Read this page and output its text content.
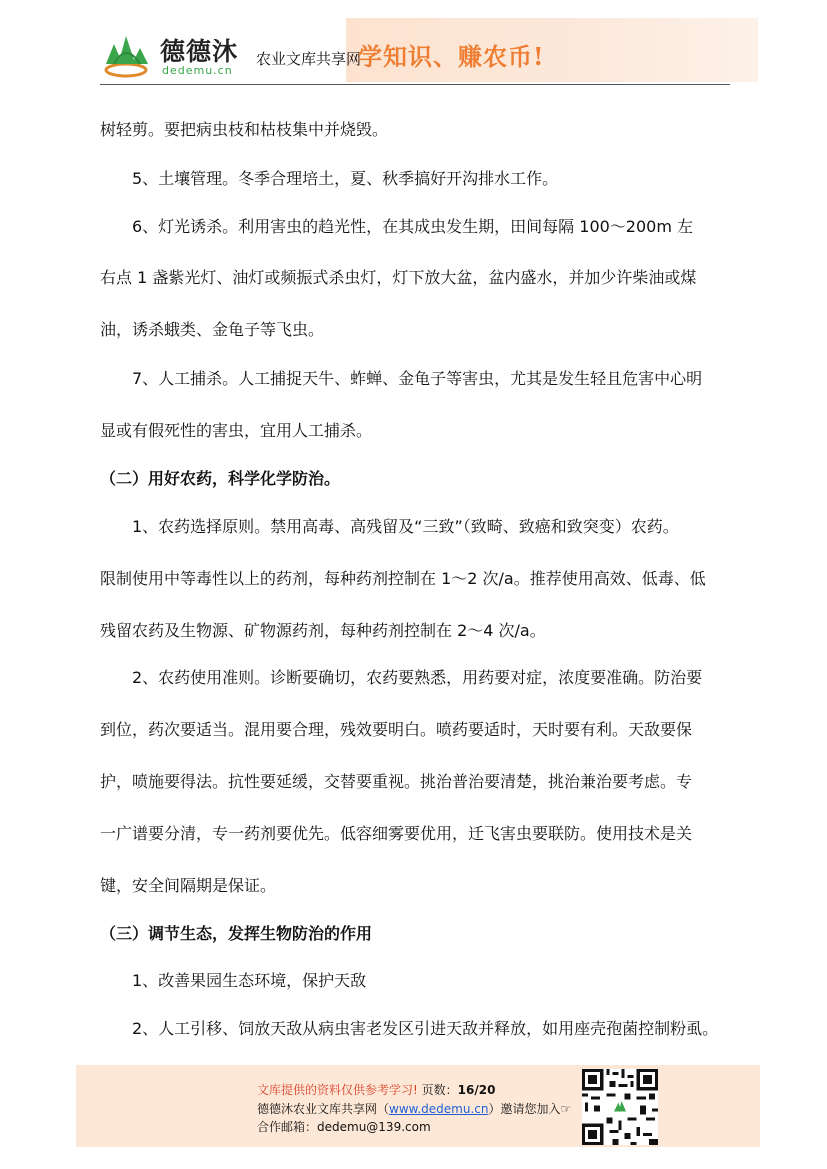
德德沐
dedemu.cn
农业文库共享网
学知识、赚农币!
树轻剪。要把病虫枝和枯枝集中并烧毁。
5、土壤管理。冬季合理培土，夏、秋季搞好开沟排水工作。
6、灯光诱杀。利用害虫的趋光性，在其成虫发生期，田间每隔 100～200m 左
右点 1 盏紫光灯、油灯或频振式杀虫灯，灯下放大盆，盆内盛水，并加少许柴油或煤
油，诱杀蛾类、金龟子等飞虫。
7、人工捕杀。人工捕捉天牛、蚱蝉、金龟子等害虫，尤其是发生轻且危害中心明
显或有假死性的害虫，宜用人工捕杀。
（二）用好农药，科学化学防治。
1、农药选择原则。禁用高毒、高残留及“三致”（致畸、致癌和致突变）农药。
限制使用中等毒性以上的药剂，每种药剂控制在 1～2 次/a。推荐使用高效、低毒、低
残留农药及生物源、矿物源药剂，每种药剂控制在 2～4 次/a。
2、农药使用准则。诊断要确切，农药要熟悉，用药要对症，浓度要准确。防治要
到位，药次要适当。混用要合理，残效要明白。喷药要适时，天时要有利。天敌要保
护，喷施要得法。抗性要延缓，交替要重视。挑治普治要清楚，挑治兼治要考虑。专
一广谱要分清，专一药剂要优先。低容细雾要优用，迁飞害虫要联防。使用技术是关
键，安全间隔期是保证。
（三）调节生态，发挥生物防治的作用
1、改善果园生态环境，保护天敌
2、人工引移、饲放天敌从病虫害老发区引进天敌并释放，如用座壳孢菌控制粉虱。
文库提供的资料仅供参考学习! 页数：16/20
德德沐农业文库共享网（www.dedemu.cn）邀请您加入☞
合作邮箱：dedemu@139.com
